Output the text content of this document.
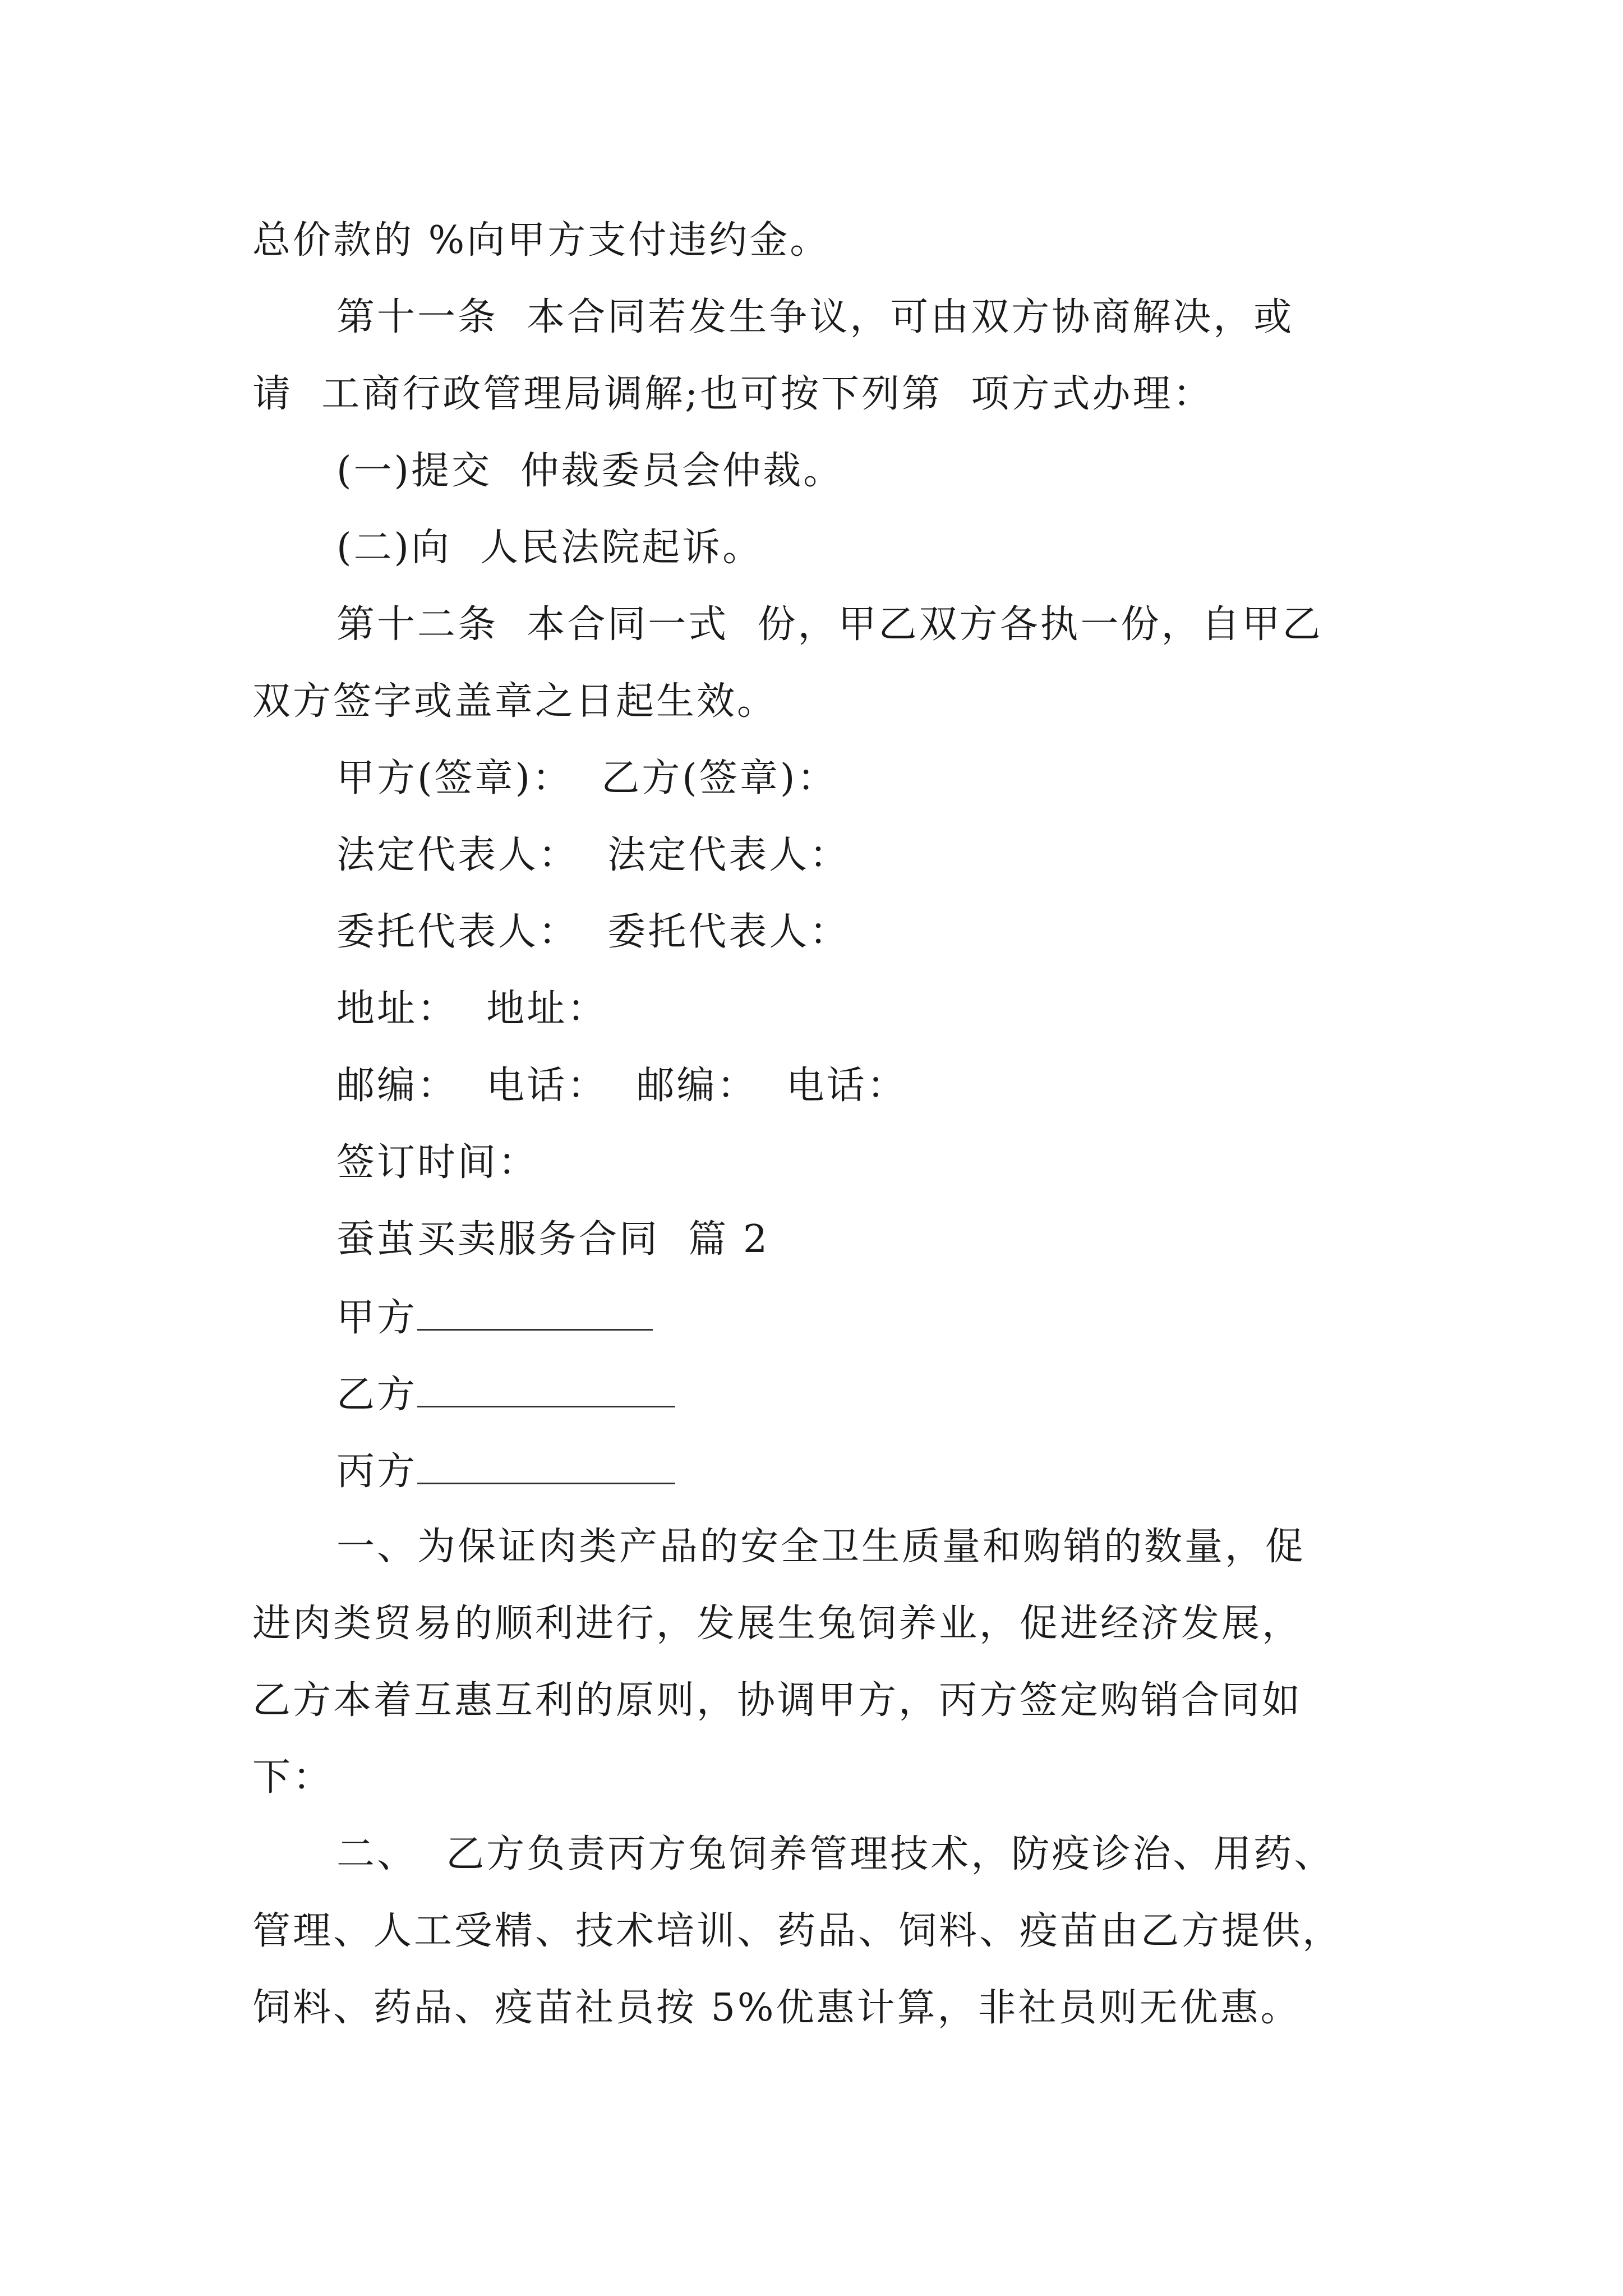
总价款的 %向甲方支付违约金。
第十一条  本合同若发生争议，可由双方协商解决，或
请  工商行政管理局调解;也可按下列第  项方式办理：
(一)提交  仲裁委员会仲裁。
(二)向  人民法院起诉。
第十二条  本合同一式  份，甲乙双方各执一份，自甲乙
双方签字或盖章之日起生效。
甲方(签章)：  乙方(签章)：
法定代表人：  法定代表人：
委托代表人：  委托代表人：
地址：  地址：
邮编：  电话：  邮编：  电话：
签订时间：
蚕茧买卖服务合同  篇 2
甲方
乙方
丙方
一、为保证肉类产品的安全卫生质量和购销的数量，促
进肉类贸易的顺利进行，发展生兔饲养业，促进经济发展，
乙方本着互惠互利的原则，协调甲方，丙方签定购销合同如
下：
二、  乙方负责丙方兔饲养管理技术，防疫诊治、用药、
管理、人工受精、技术培训、药品、饲料、疫苗由乙方提供，
饲料、药品、疫苗社员按 5%优惠计算，非社员则无优惠。
